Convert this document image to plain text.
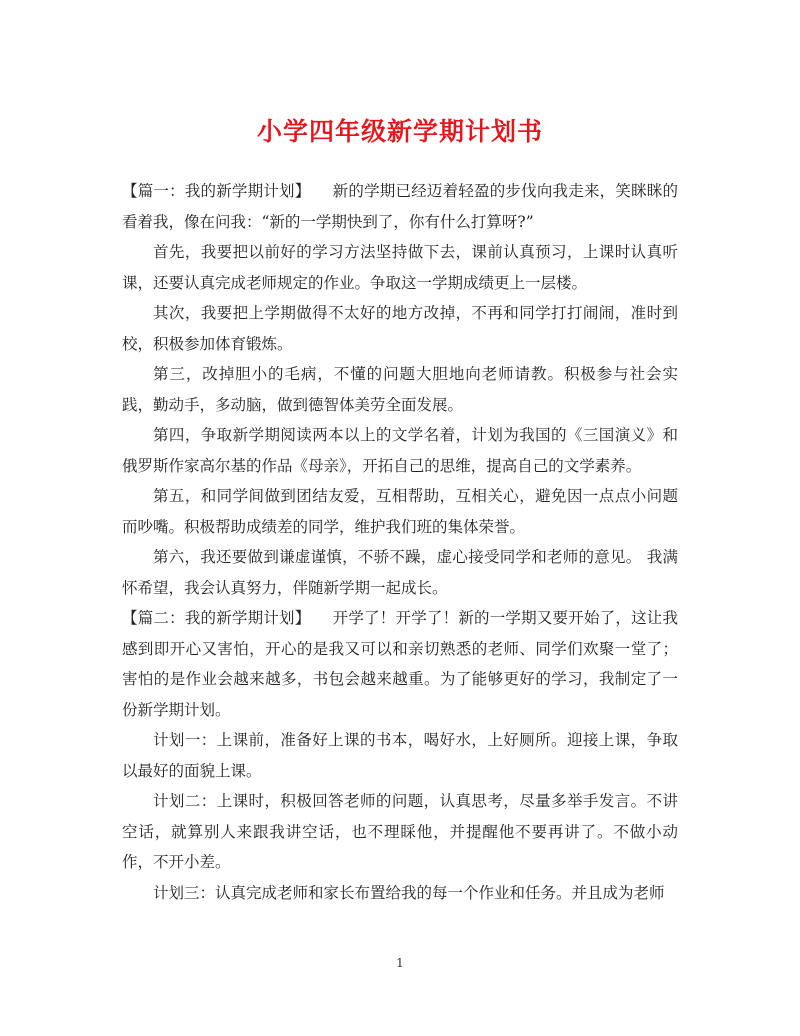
小学四年级新学期计划书

【篇一：我的新学期计划】 新的学期已经迈着轻盈的步伐向我走来，笑眯眯的看着我，像在问我：“新的一学期快到了，你有什么打算呀?”

首先，我要把以前好的学习方法坚持做下去，课前认真预习，上课时认真听课，还要认真完成老师规定的作业。争取这一学期成绩更上一层楼。

其次，我要把上学期做得不太好的地方改掉，不再和同学打打闹闹，准时到校，积极参加体育锻炼。

第三，改掉胆小的毛病，不懂的问题大胆地向老师请教。积极参与社会实践，勤动手，多动脑，做到德智体美劳全面发展。

第四，争取新学期阅读两本以上的文学名着，计划为我国的《三国演义》和俄罗斯作家高尔基的作品《母亲》，开拓自己的思维，提高自己的文学素养。

第五，和同学间做到团结友爱，互相帮助，互相关心，避免因一点点小问题而吵嘴。积极帮助成绩差的同学，维护我们班的集体荣誉。

第六，我还要做到谦虚谨慎，不骄不躁，虚心接受同学和老师的意见。 我满怀希望，我会认真努力，伴随新学期一起成长。

【篇二：我的新学期计划】 开学了！开学了！新的一学期又要开始了，这让我感到即开心又害怕，开心的是我又可以和亲切熟悉的老师、同学们欢聚一堂了；害怕的是作业会越来越多，书包会越来越重。为了能够更好的学习，我制定了一份新学期计划。

计划一：上课前，准备好上课的书本，喝好水，上好厕所。迎接上课，争取以最好的面貌上课。

计划二：上课时，积极回答老师的问题，认真思考，尽量多举手发言。不讲空话，就算别人来跟我讲空话，也不理睬他，并提醒他不要再讲了。不做小动作，不开小差。

计划三：认真完成老师和家长布置给我的每一个作业和任务。并且成为老师

1
